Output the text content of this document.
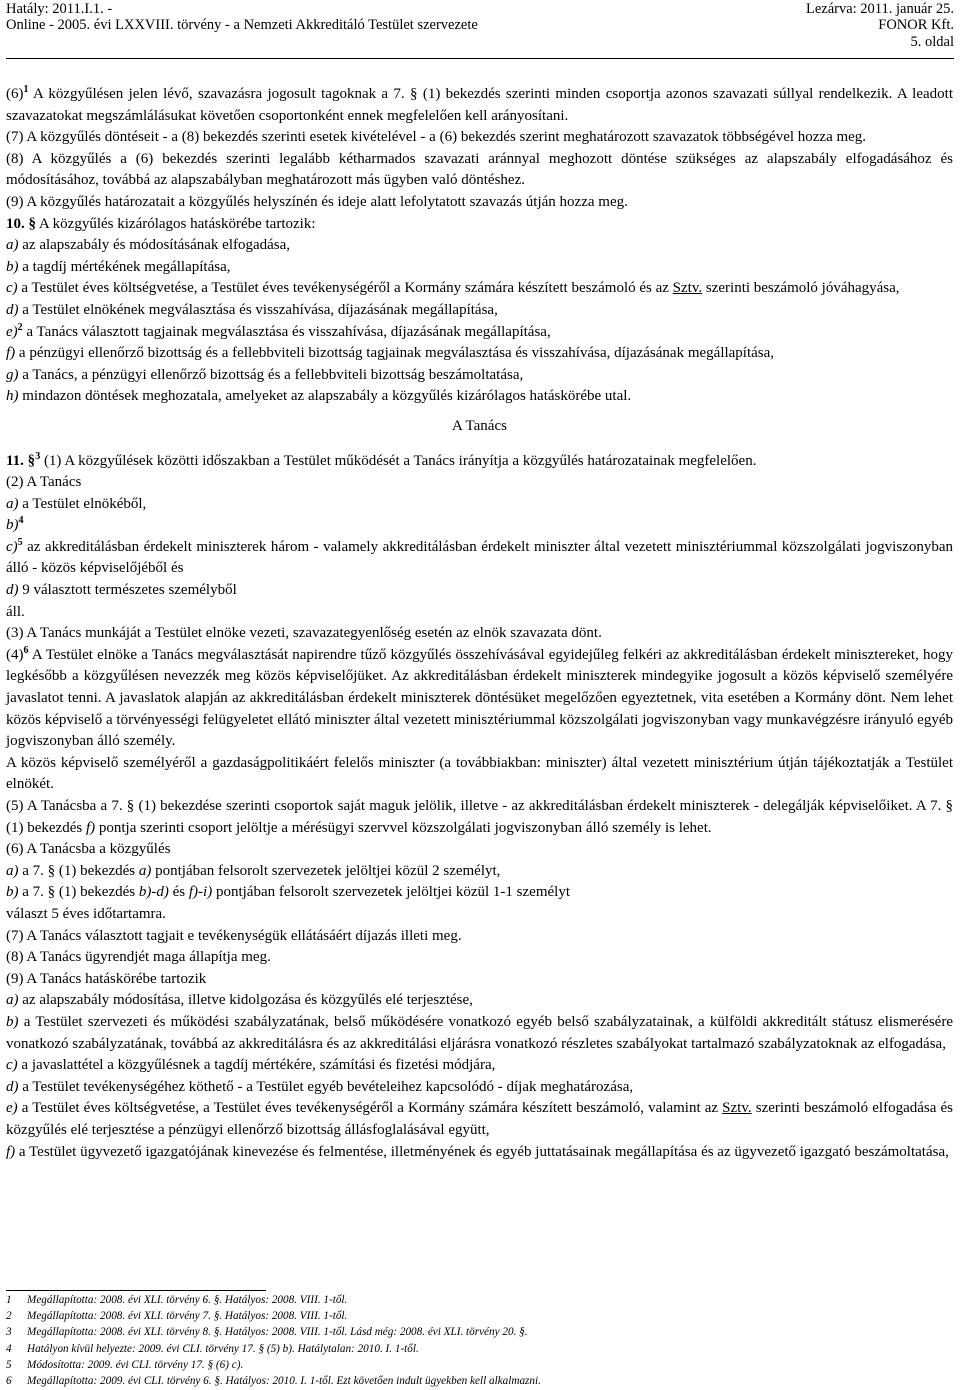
Hatály: 2011.I.1. -	Lezárva: 2011. január 25.
Online - 2005. évi LXXVIII. törvény - a Nemzeti Akkreditáló Testület szervezete	FONOR Kft.
5. oldal

$(6)^1$ A közgyűlésen jelen lévő, szavazásra jogosult tagoknak a 7. § (1) bekezdés szerinti minden csoportja azonos szavazati súllyal rendelkezik. A leadott szavazatokat megszámlálásukat követően csoportonként ennek megfelelően kell arányosítani.

(7) A közgyűlés döntéseit - a (8) bekezdés szerinti esetek kivételével - a (6) bekezdés szerint meghatározott szavazatok többségével hozza meg.

(8) A közgyűlés a (6) bekezdés szerinti legalább kétharmados szavazati aránnyal meghozott döntése szükséges az alapszabály elfogadásához és módosításához, továbbá az alapszabályban meghatározott más ügyben való döntéshez.

(9) A közgyűlés határozatait a közgyűlés helyszínén és ideje alatt lefolytatott szavazás útján hozza meg.

10. § A közgyűlés kizárólagos hatáskörébe tartozik:

a) az alapszabály és módosításának elfogadása,

b) a tagdíj mértékének megállapítása,

c) a Testület éves költségvetése, a Testület éves tevékenységéről a Kormány számára készített beszámoló és az Sztv. szerinti beszámoló jóváhagyása,

d) a Testület elnökének megválasztása és visszahívása, díjazásának megállapítása,

e)$^2$ a Tanács választott tagjainak megválasztása és visszahívása, díjazásának megállapítása,

f) a pénzügyi ellenőrző bizottság és a fellebbviteli bizottság tagjainak megválasztása és visszahívása, díjazásának megállapítása,

g) a Tanács, a pénzügyi ellenőrző bizottság és a fellebbviteli bizottság beszámoltatása,

h) mindazon döntések meghozatala, amelyeket az alapszabály a közgyűlés kizárólagos hatáskörébe utal.

A Tanács

11. §$^3$ (1) A közgyűlések közötti időszakban a Testület működését a Tanács irányítja a közgyűlés határozatainak megfelelően.

(2) A Tanács

a) a Testület elnökéből,

b)$^4$

c)$^5$ az akkreditálásban érdekelt miniszterek három - valamely akkreditálásban érdekelt miniszter által vezetett minisztériummal közszolgálati jogviszonyban álló - közös képviselőjéből és

d) 9 választott természetes személyből

áll.

(3) A Tanács munkáját a Testület elnöke vezeti, szavazategyenlőség esetén az elnök szavazata dönt.

$(4)^6$ A Testület elnöke a Tanács megválasztását napirendre tűző közgyűlés összehívásával egyidejűleg felkéri az akkreditálásban érdekelt minisztereket, hogy legkésőbb a közgyűlésen nevezzék meg közös képviselőjüket. Az akkreditálásban érdekelt miniszterek mindegyike jogosult a közös képviselő személyére javaslatot tenni. A javaslatok alapján az akkreditálásban érdekelt miniszterek döntésüket megelőzően egyeztetnek, vita esetében a Kormány dönt. Nem lehet közös képviselő a törvényességi felügyeletet ellátó miniszter által vezetett minisztériummal közszolgálati jogviszonyban vagy munkavégzésre irányuló egyéb jogviszonyban álló személy.

A közös képviselő személyéről a gazdaságpolitikáért felelős miniszter (a továbbiakban: miniszter) által vezetett minisztérium útján tájékoztatják a Testület elnökét.

(5) A Tanácsba a 7. § (1) bekezdése szerinti csoportok saját maguk jelölik, illetve - az akkreditálásban érdekelt miniszterek - delegálják képviselőiket. A 7. § (1) bekezdés f) pontja szerinti csoport jelöltje a mérésügyi szervvel közszolgálati jogviszonyban álló személy is lehet.

(6) A Tanácsba a közgyűlés

a) a 7. § (1) bekezdés a) pontjában felsorolt szervezetek jelöltjei közül 2 személyt,

b) a 7. § (1) bekezdés b)-d) és f)-i) pontjában felsorolt szervezetek jelöltjei közül 1-1 személyt

választ 5 éves időtartamra.

(7) A Tanács választott tagjait e tevékenységük ellátásáért díjazás illeti meg.

(8) A Tanács ügyrendjét maga állapítja meg.

(9) A Tanács hatáskörébe tartozik

a) az alapszabály módosítása, illetve kidolgozása és közgyűlés elé terjesztése,

b) a Testület szervezeti és működési szabályzatának, belső működésére vonatkozó egyéb belső szabályzatainak, a külföldi akkreditált státusz elismerésére vonatkozó szabályzatának, továbbá az akkreditálásra és az akkreditálási eljárásra vonatkozó részletes szabályokat tartalmazó szabályzatoknak az elfogadása,

c) a javaslattétel a közgyűlésnek a tagdíj mértékére, számítási és fizetési módjára,

d) a Testület tevékenységéhez köthető - a Testület egyéb bevételeihez kapcsolódó - díjak meghatározása,

e) a Testület éves költségvetése, a Testület éves tevékenységéről a Kormány számára készített beszámoló, valamint az Sztv. szerinti beszámoló elfogadása és közgyűlés elé terjesztése a pénzügyi ellenőrző bizottság állásfoglalásával együtt,

f) a Testület ügyvezető igazgatójának kinevezése és felmentése, illetményének és egyéb juttatásainak megállapítása és az ügyvezető igazgató beszámoltatása,

1 Megállapította: 2008. évi XLI. törvény 6. §. Hatályos: 2008. VIII. 1-től.
2 Megállapította: 2008. évi XLI. törvény 7. §. Hatályos: 2008. VIII. 1-től.
3 Megállapította: 2008. évi XLI. törvény 8. §. Hatályos: 2008. VIII. 1-től. Lásd még: 2008. évi XLI. törvény 20. §.
4 Hatályon kívül helyezte: 2009. évi CLI. törvény 17. § (5) b). Hatálytalan: 2010. I. 1-től.
5 Módosította: 2009. évi CLI. törvény 17. § (6) c).
6 Megállapította: 2009. évi CLI. törvény 6. §. Hatályos: 2010. I. 1-től. Ezt követően indult ügyekben kell alkalmazni.
